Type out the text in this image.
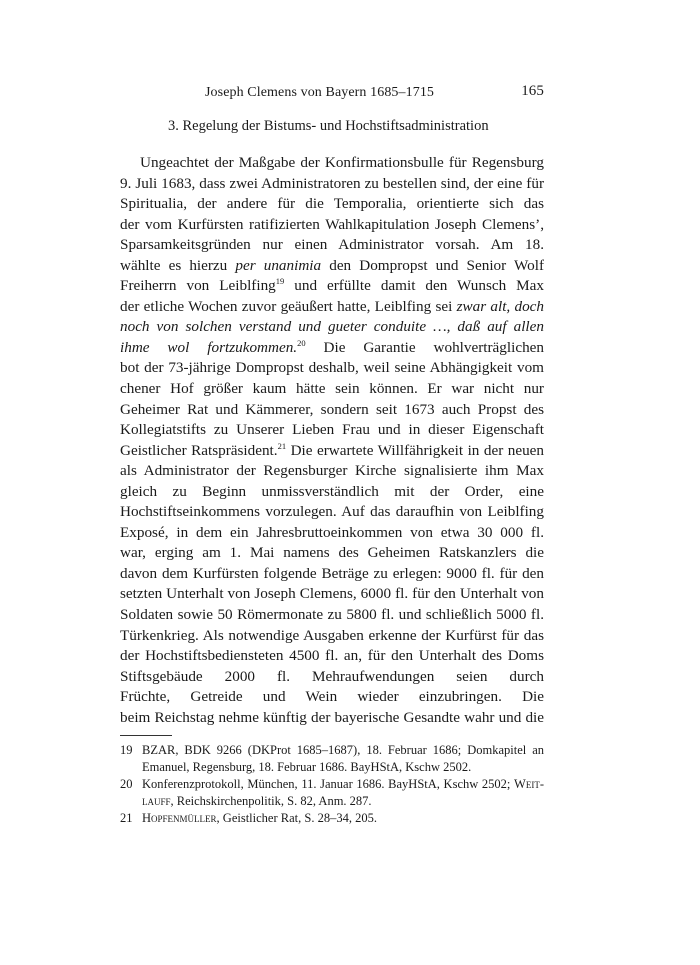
Joseph Clemens von Bayern 1685–1715	165
3. Regelung der Bistums- und Hochstiftsadministration
Ungeachtet der Maßgabe der Konfirmationsbulle für Regensburg
9. Juli 1683, dass zwei Administratoren zu bestellen sind, der eine für
Spiritualia, der andere für die Temporalia, orientierte sich das
der vom Kurfürsten ratifizierten Wahlkapitulation Joseph Clemens’,
Sparsamkeitsgründen nur einen Administrator vorsah. Am 18.
wählte es hierzu per unanimia den Dompropst und Senior Wolf
Freiherrn von Leiblfing$^{19}$ und erfüllte damit den Wunsch Max
der etliche Wochen zuvor geäußert hatte, Leiblfing sei zwar alt, doch
noch von solchen verstand und gueter conduite …, daß auf allen
ihme wol fortzukommen.$^{20}$ Die Garantie wohlverträglichen
bot der 73-jährige Dompropst deshalb, weil seine Abhängigkeit vom
chener Hof größer kaum hätte sein können. Er war nicht nur
Geheimer Rat und Kämmerer, sondern seit 1673 auch Propst des
Kollegiatstifts zu Unserer Lieben Frau und in dieser Eigenschaft
Geistlicher Ratspräsident.$^{21}$ Die erwartete Willfährigkeit in der neuen
als Administrator der Regensburger Kirche signalisierte ihm Max
gleich zu Beginn unmissverständlich mit der Order, eine
Hochstiftseinkommens vorzulegen. Auf das daraufhin von Leiblfing
Exposé, in dem ein Jahresbruttoeinkommen von etwa 30 000 fl.
war, erging am 1. Mai namens des Geheimen Ratskanzlers die
davon dem Kurfürsten folgende Beträge zu erlegen: 9000 fl. für den
setzten Unterhalt von Joseph Clemens, 6000 fl. für den Unterhalt von
Soldaten sowie 50 Römermonate zu 5800 fl. und schließlich 5000 fl.
Türkenkrieg. Als notwendige Ausgaben erkenne der Kurfürst für das
der Hochstiftsbediensteten 4500 fl. an, für den Unterhalt des Doms
Stiftsgebäude 2000 fl. Mehraufwendungen seien durch
Früchte, Getreide und Wein wieder einzubringen. Die
beim Reichstag nehme künftig der bayerische Gesandte wahr und die
19 BZAR, BDK 9266 (DKProt 1685–1687), 18. Februar 1686; Domkapitel an
Emanuel, Regensburg, 18. Februar 1686. BayHStA, Kschw 2502.
20 Konferenzprotokoll, München, 11. Januar 1686. BayHStA, Kschw 2502; Weit-
lauff, Reichskirchenpolitik, S. 82, Anm. 287.
21 Hopfenmüller, Geistlicher Rat, S. 28–34, 205.
